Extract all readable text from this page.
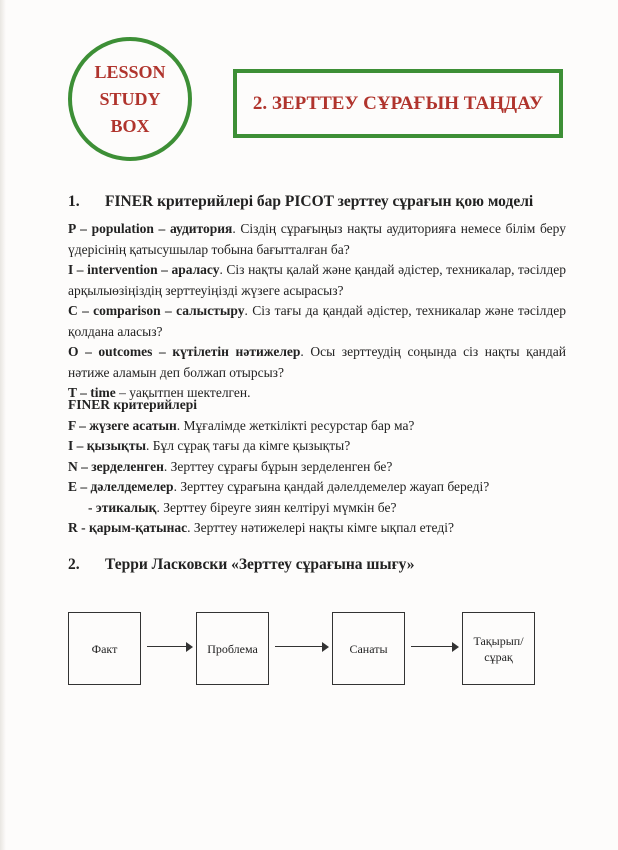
LESSON
STUDY
BOX
2. ЗЕРТТЕУ СҰРАҒЫН ТАҢДАУ
1. FINER критерийлері бар PICOT зерттеу сұрағын қою моделі

P – population – аудитория. Сіздің сұрағыңыз нақты аудиторияға немесе білім беру үдерісінің қатысушылар тобына бағытталған ба?

I – intervention – араласу. Сіз нақты қалай және қандай әдістер, техникалар, тәсілдер арқылыөзіңіздің зерттеуіңізді жүзеге асырасыз?

C – comparison – салыстыру. Сіз тағы да қандай әдістер, техникалар және тәсілдер қолдана аласыз?

O – outcomes – күтілетін нәтижелер. Осы зерттеудің соңында сіз нақты қандай нәтиже аламын деп болжап отырсыз?

T – time – уақытпен шектелген.

FINER критерийлері
F – жүзеге асатын. Мұғалімде жеткілікті ресурстар бар ма?
I – қызықты. Бұл сұрақ тағы да кімге қызықты?
N – зерделенген. Зерттеу сұрағы бұрын зерделенген бе?
E – дәлелдемелер. Зерттеу сұрағына қандай дәлелдемелер жауап береді?
- этикалық. Зерттеу біреуге зиян келтіруі мүмкін бе?
R - қарым-қатынас. Зерттеу нәтижелері нақты кімге ықпал етеді?
2. Терри Ласковски «Зерттеу сұрағына шығу»
Факт	Проблема	Санаты
Тақырып/
сұрақ
